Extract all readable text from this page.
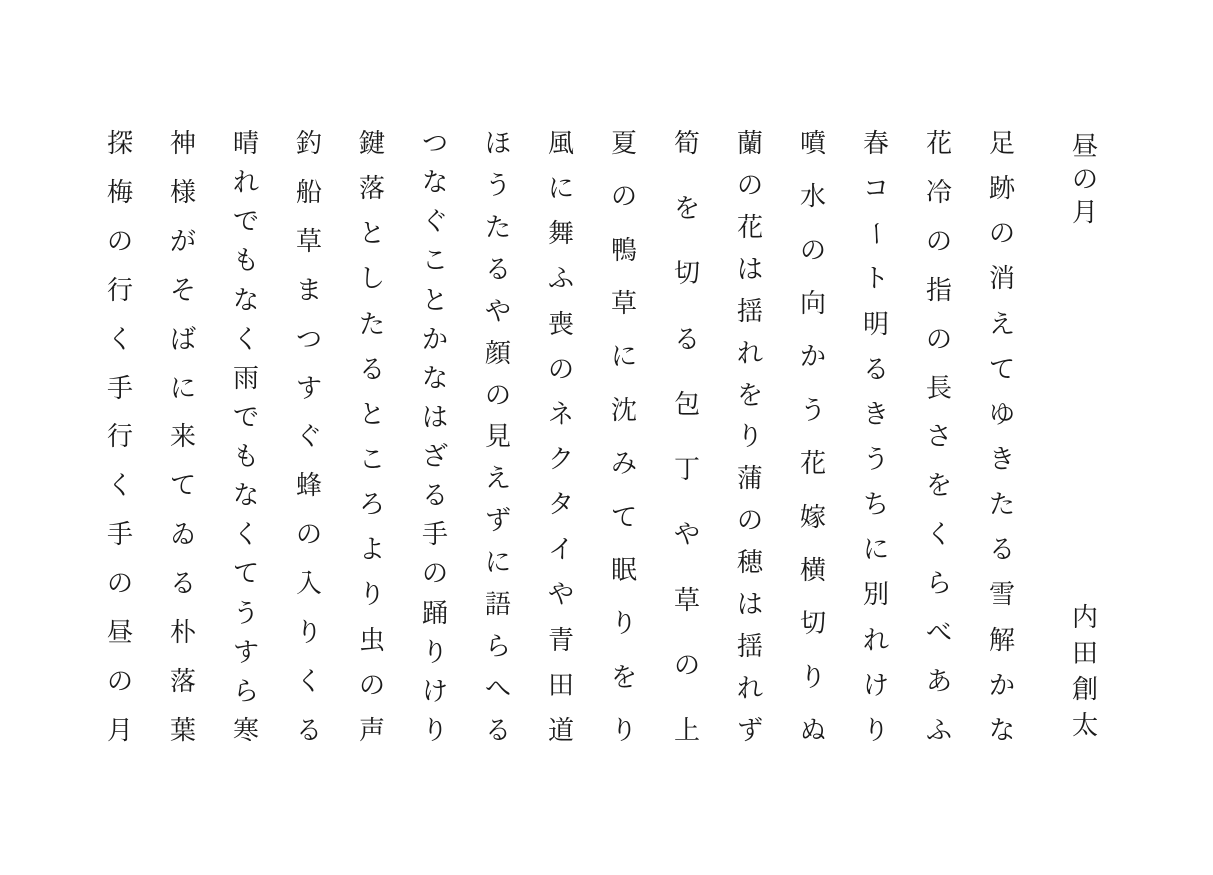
昼
の
月
内
田
創
太
足
跡
の
消
え
て
ゆ
き
た
る
雪
解
か
な
花
冷
の
指
の
長
さ
を
く
ら
べ
あ
ふ
春
コ
ー
ト
明
る
き
う
ち
に
別
れ
け
り
噴
水
の
向
か
う
花
嫁
横
切
り
ぬ
蘭
の
花
は
揺
れ
を
り
蒲
の
穂
は
揺
れ
ず
筍
を
切
る
包
丁
や
草
の
上
夏
の
鴨
草
に
沈
み
て
眠
り
を
り
風
に
舞
ふ
喪
の
ネ
ク
タ
イ
や
青
田
道
ほ
う
た
る
や
顔
の
見
え
ず
に
語
ら
へ
る
つ
な
ぐ
こ
と
か
な
は
ざ
る
手
の
踊
り
け
り
鍵
落
と
し
た
る
と
こ
ろ
よ
り
虫
の
声
釣
船
草
ま
つ
す
ぐ
蜂
の
入
り
く
る
晴
れ
で
も
な
く
雨
で
も
な
く
て
う
す
ら
寒
神
様
が
そ
ば
に
来
て
ゐ
る
朴
落
葉
探
梅
の
行
く
手
行
く
手
の
昼
の
月
